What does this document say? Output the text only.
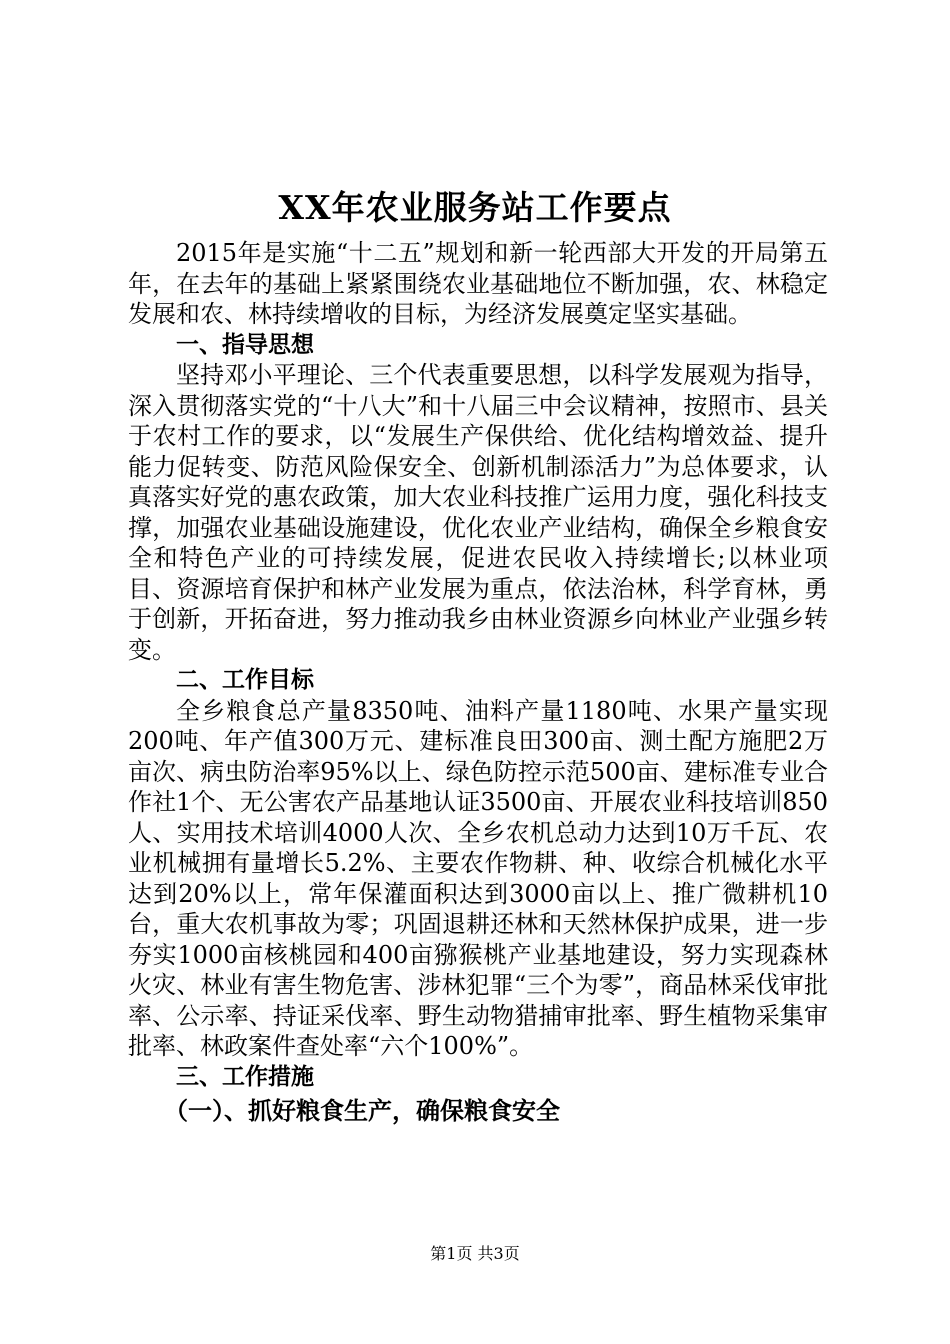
XX年农业服务站工作要点

2015年是实施“十二五”规划和新一轮西部大开发的开局第五年，在去年的基础上紧紧围绕农业基础地位不断加强，农、林稳定发展和农、林持续增收的目标，为经济发展奠定坚实基础。

一、指导思想

坚持邓小平理论、三个代表重要思想，以科学发展观为指导，深入贯彻落实党的“十八大”和十八届三中会议精神，按照市、县关于农村工作的要求，以“发展生产保供给、优化结构增效益、提升能力促转变、防范风险保安全、创新机制添活力”为总体要求，认真落实好党的惠农政策，加大农业科技推广运用力度，强化科技支撑，加强农业基础设施建设，优化农业产业结构，确保全乡粮食安全和特色产业的可持续发展，促进农民收入持续增长;以林业项目、资源培育保护和林产业发展为重点，依法治林，科学育林，勇于创新，开拓奋进，努力推动我乡由林业资源乡向林业产业强乡转变。

二、工作目标

全乡粮食总产量8350吨、油料产量1180吨、水果产量实现200吨、年产值300万元、建标准良田300亩、测土配方施肥2万亩次、病虫防治率95%以上、绿色防控示范500亩、建标准专业合作社1个、无公害农产品基地认证3500亩、开展农业科技培训850人、实用技术培训4000人次、全乡农机总动力达到10万千瓦、农业机械拥有量增长5.2%、主要农作物耕、种、收综合机械化水平达到20%以上，常年保灌面积达到3000亩以上、推广微耕机10台，重大农机事故为零；巩固退耕还林和天然林保护成果，进一步夯实1000亩核桃园和400亩猕猴桃产业基地建设，努力实现森林火灾、林业有害生物危害、涉林犯罪“三个为零”，商品林采伐审批率、公示率、持证采伐率、野生动物猎捕审批率、野生植物采集审批率、林政案件查处率“六个100%”。

三、工作措施

（一）、抓好粮食生产，确保粮食安全

第1页 共3页
